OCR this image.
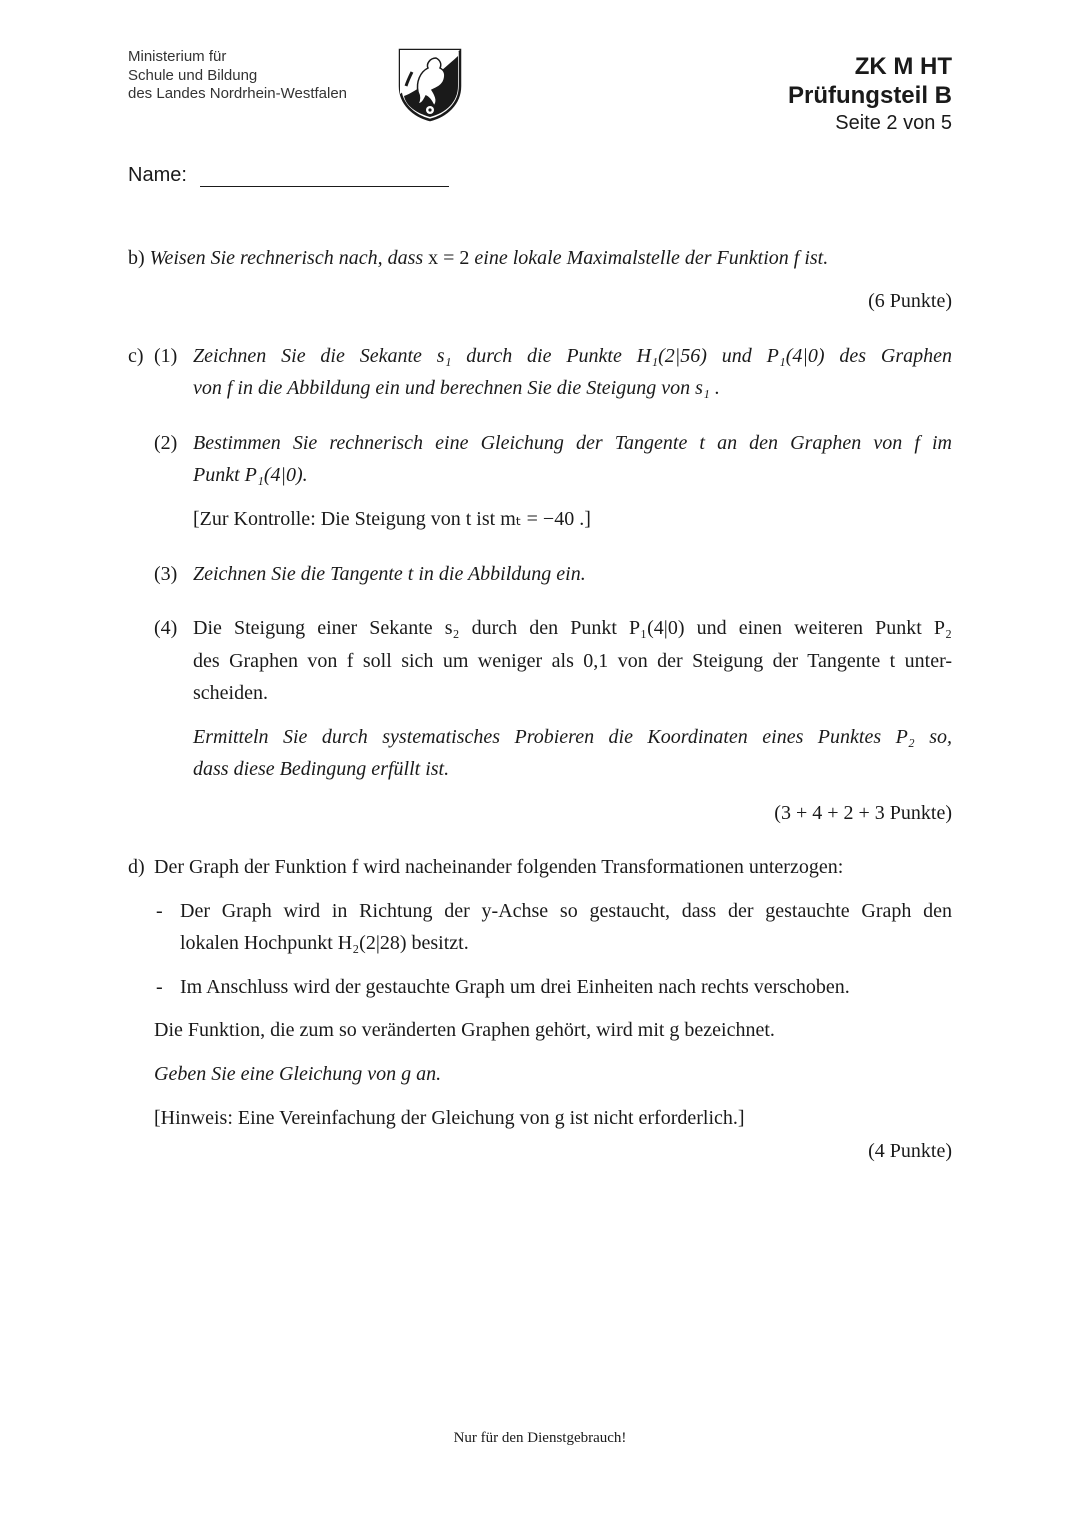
Ministerium für
Schule und Bildung
des Landes Nordrhein-Westfalen
ZK M HT
Prüfungsteil B
Seite 2 von 5
Name:
b) Weisen Sie rechnerisch nach, dass x = 2 eine lokale Maximalstelle der Funktion f ist.
(6 Punkte)
c) (1) Zeichnen Sie die Sekante s₁ durch die Punkte H₁(2|56) und P₁(4|0) des Graphen
von f in die Abbildung ein und berechnen Sie die Steigung von s₁ .
(2) Bestimmen Sie rechnerisch eine Gleichung der Tangente t an den Graphen von f im
Punkt P₁(4|0).
[Zur Kontrolle: Die Steigung von t ist mₜ = −40 .]
(3) Zeichnen Sie die Tangente t in die Abbildung ein.
(4) Die Steigung einer Sekante s₂ durch den Punkt P₁(4|0) und einen weiteren Punkt P₂
des Graphen von f soll sich um weniger als 0,1 von der Steigung der Tangente t unter-
scheiden.
Ermitteln Sie durch systematisches Probieren die Koordinaten eines Punktes P₂ so,
dass diese Bedingung erfüllt ist.
(3 + 4 + 2 + 3 Punkte)
d) Der Graph der Funktion f wird nacheinander folgenden Transformationen unterzogen:
- Der Graph wird in Richtung der y-Achse so gestaucht, dass der gestauchte Graph den
lokalen Hochpunkt H₂(2|28) besitzt.
- Im Anschluss wird der gestauchte Graph um drei Einheiten nach rechts verschoben.
Die Funktion, die zum so veränderten Graphen gehört, wird mit g bezeichnet.
Geben Sie eine Gleichung von g an.
[Hinweis: Eine Vereinfachung der Gleichung von g ist nicht erforderlich.]
(4 Punkte)
Nur für den Dienstgebrauch!
